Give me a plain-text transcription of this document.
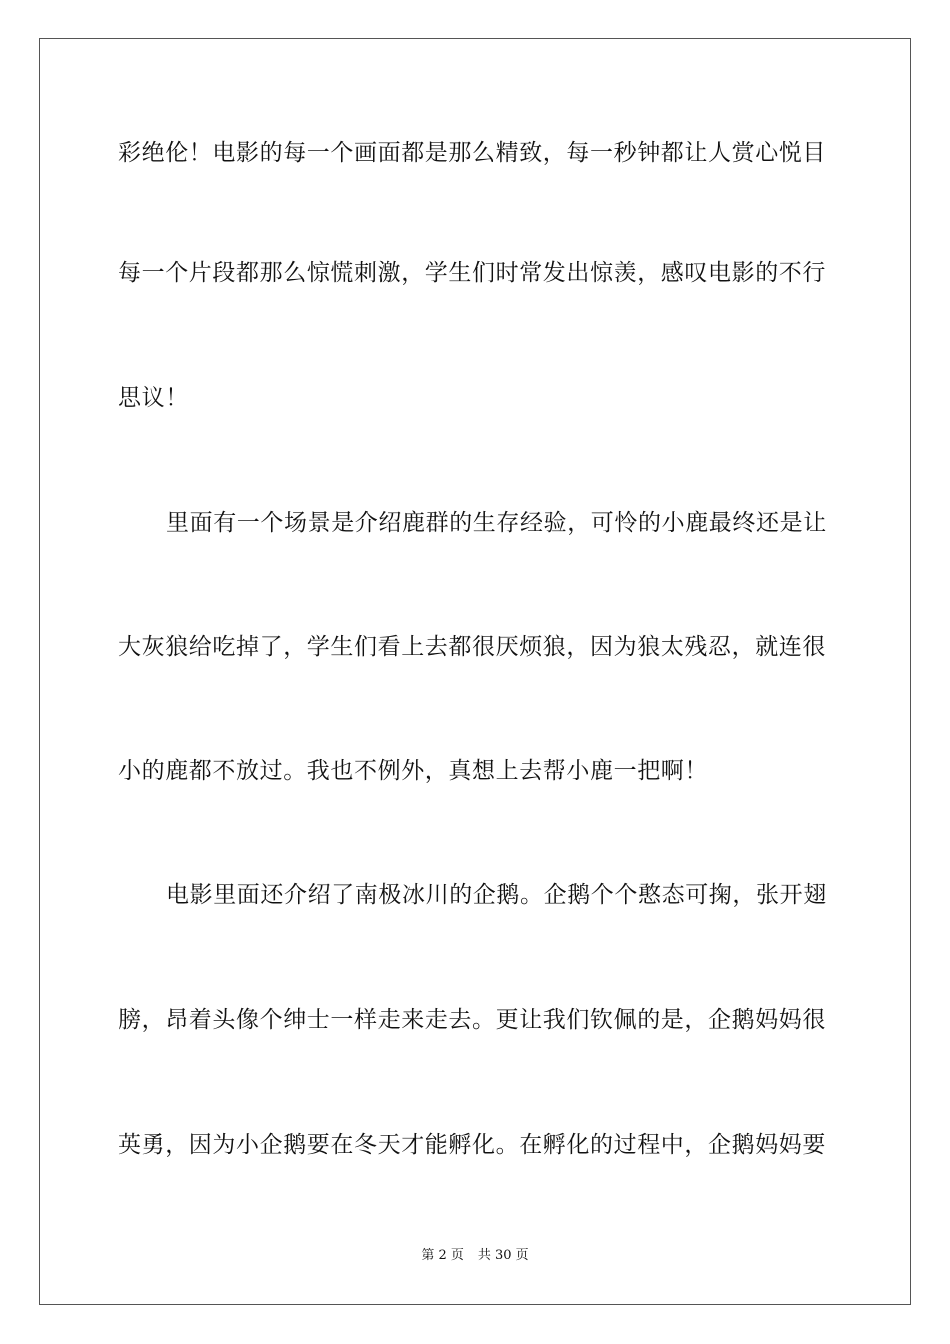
彩绝伦！电影的每一个画面都是那么精致，每一秒钟都让人赏心悦目
每一个片段都那么惊慌刺激，学生们时常发出惊羡，感叹电影的不行
思议！
里面有一个场景是介绍鹿群的生存经验，可怜的小鹿最终还是让
大灰狼给吃掉了，学生们看上去都很厌烦狼，因为狼太残忍，就连很
小的鹿都不放过。我也不例外，真想上去帮小鹿一把啊！
电影里面还介绍了南极冰川的企鹅。企鹅个个憨态可掬，张开翅
膀，昂着头像个绅士一样走来走去。更让我们钦佩的是，企鹅妈妈很
英勇，因为小企鹅要在冬天才能孵化。在孵化的过程中，企鹅妈妈要
第 2 页 共 30 页
